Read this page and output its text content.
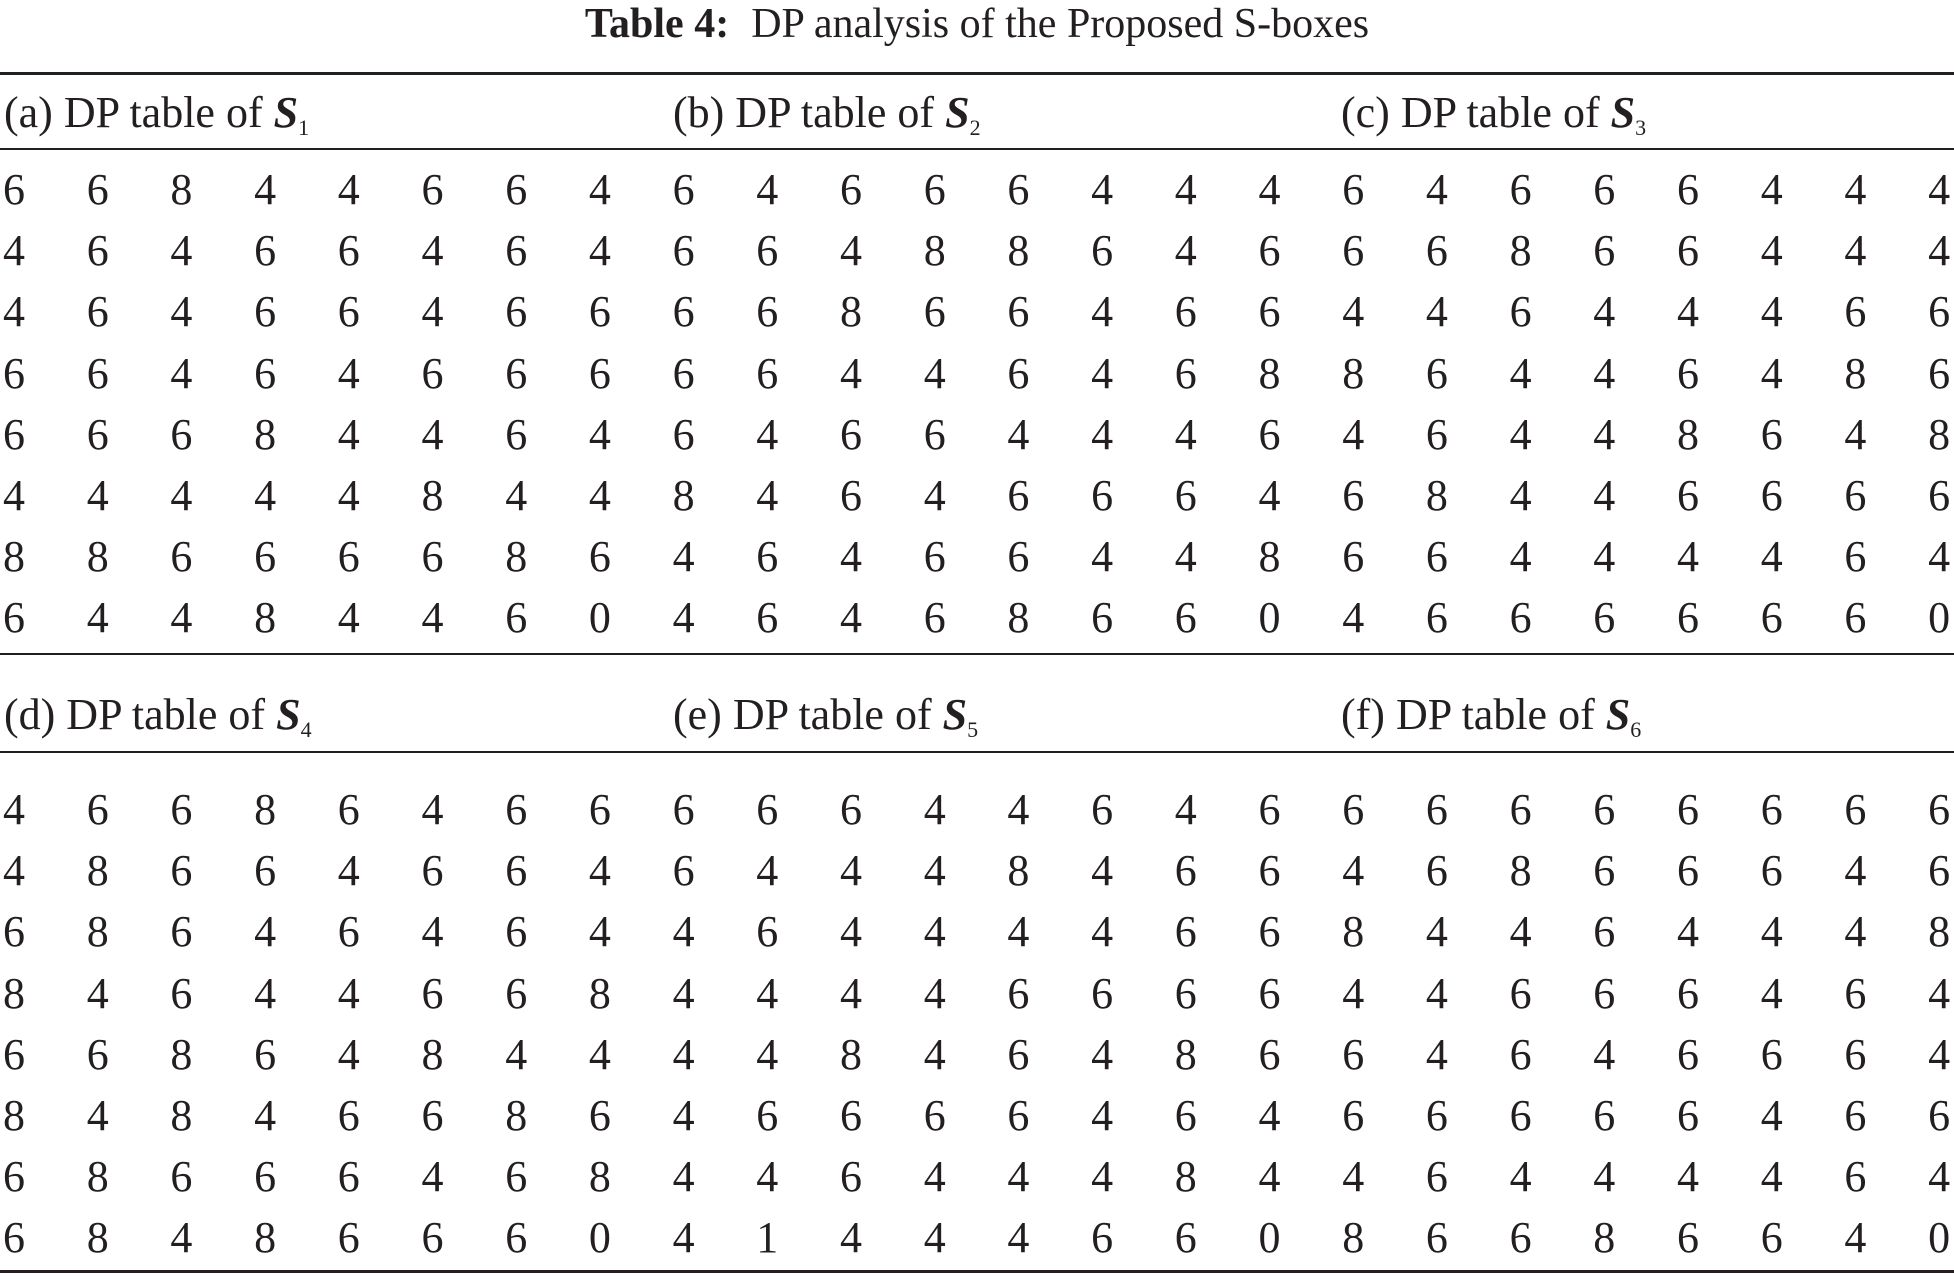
Table 4: DP analysis of the Proposed S-boxes
(a) DP table of $S_1$	(b) DP table of $S_2$	(c) DP table of $S_3$
(d) DP table of $S_4$	(e) DP table of $S_5$	(f) DP table of $S_6$
6 6 8 4 4 6 6 4 6 4 6 6 6 4 4 4 6 4 6 6 6 4 4 4
4 6 4 6 6 4 6 4 6 6 4 8 8 6 4 6 6 6 8 6 6 4 4 4
4 6 4 6 6 4 6 6 6 6 8 6 6 4 6 6 4 4 6 4 4 4 6 6
6 6 4 6 4 6 6 6 6 6 4 4 6 4 6 8 8 6 4 4 6 4 8 6
6 6 6 8 4 4 6 4 6 4 6 6 4 4 4 6 4 6 4 4 8 6 4 8
4 4 4 4 4 8 4 4 8 4 6 4 6 6 6 4 6 8 4 4 6 6 6 6
8 8 6 6 6 6 8 6 4 6 4 6 6 4 4 8 6 6 4 4 4 4 6 4
6 4 4 8 4 4 6 0 4 6 4 6 8 6 6 0 4 6 6 6 6 6 6 0
4 6 6 8 6 4 6 6 6 6 6 4 4 6 4 6 6 6 6 6 6 6 6 6
4 8 6 6 4 6 6 4 6 4 4 4 8 4 6 6 4 6 8 6 6 6 4 6
6 8 6 4 6 4 6 4 4 6 4 4 4 4 6 6 8 4 4 6 4 4 4 8
8 4 6 4 4 6 6 8 4 4 4 4 6 6 6 6 4 4 6 6 6 4 6 4
6 6 8 6 4 8 4 4 4 4 8 4 6 4 8 6 6 4 6 4 6 6 6 4
8 4 8 4 6 6 8 6 4 6 6 6 6 4 6 4 6 6 6 6 6 4 6 6
6 8 6 6 6 4 6 8 4 4 6 4 4 4 8 4 4 6 4 4 4 4 6 4
6 8 4 8 6 6 6 0 4 1 4 4 4 6 6 0 8 6 6 8 6 6 4 0
